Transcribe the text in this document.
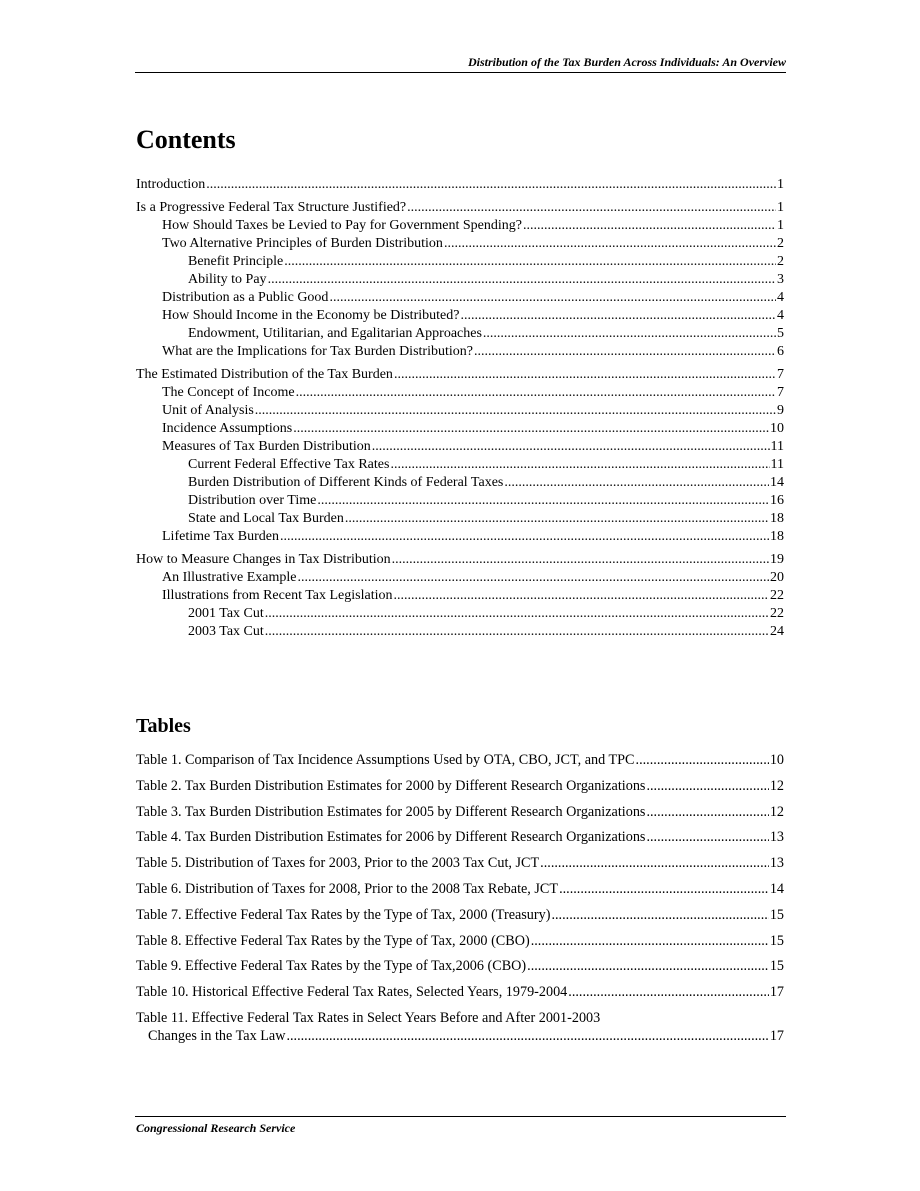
Distribution of the Tax Burden Across Individuals: An Overview
Contents
Introduction .....	1
Is a Progressive Federal Tax Structure Justified? .....	1
How Should Taxes be Levied to Pay for Government Spending? .....	1
Two Alternative Principles of Burden Distribution .....	2
Benefit Principle .....	2
Ability to Pay .....	3
Distribution as a Public Good .....	4
How Should Income in the Economy be Distributed? .....	4
Endowment, Utilitarian, and Egalitarian Approaches .....	5
What are the Implications for Tax Burden Distribution? .....	6
The Estimated Distribution of the Tax Burden .....	7
The Concept of Income .....	7
Unit of Analysis .....	9
Incidence Assumptions .....	10
Measures of Tax Burden Distribution .....	11
Current Federal Effective Tax Rates .....	11
Burden Distribution of Different Kinds of Federal Taxes .....	14
Distribution over Time .....	16
State and Local Tax Burden .....	18
Lifetime Tax Burden .....	18
How to Measure Changes in Tax Distribution .....	19
An Illustrative Example .....	20
Illustrations from Recent Tax Legislation .....	22
2001 Tax Cut .....	22
2003 Tax Cut .....	24
Tables
Table 1. Comparison of Tax Incidence Assumptions Used by OTA, CBO, JCT, and TPC .....	10
Table 2. Tax Burden Distribution Estimates for 2000 by Different Research Organizations .....	12
Table 3. Tax Burden Distribution Estimates for 2005 by Different Research Organizations .....	12
Table 4. Tax Burden Distribution Estimates for 2006 by Different Research Organizations .....	13
Table 5. Distribution of Taxes for 2003, Prior to the 2003 Tax Cut, JCT .....	13
Table 6. Distribution of Taxes for 2008, Prior to the 2008 Tax Rebate, JCT .....	14
Table 7. Effective Federal Tax Rates by the Type of Tax, 2000 (Treasury) .....	15
Table 8. Effective Federal Tax Rates by the Type of Tax, 2000 (CBO) .....	15
Table 9. Effective Federal Tax Rates by the Type of Tax,2006 (CBO) .....	15
Table 10. Historical Effective Federal Tax Rates, Selected Years, 1979-2004 .....	17
Table 11. Effective Federal Tax Rates in Select Years Before and After 2001-2003
Changes in the Tax Law .....	17
Congressional Research Service
